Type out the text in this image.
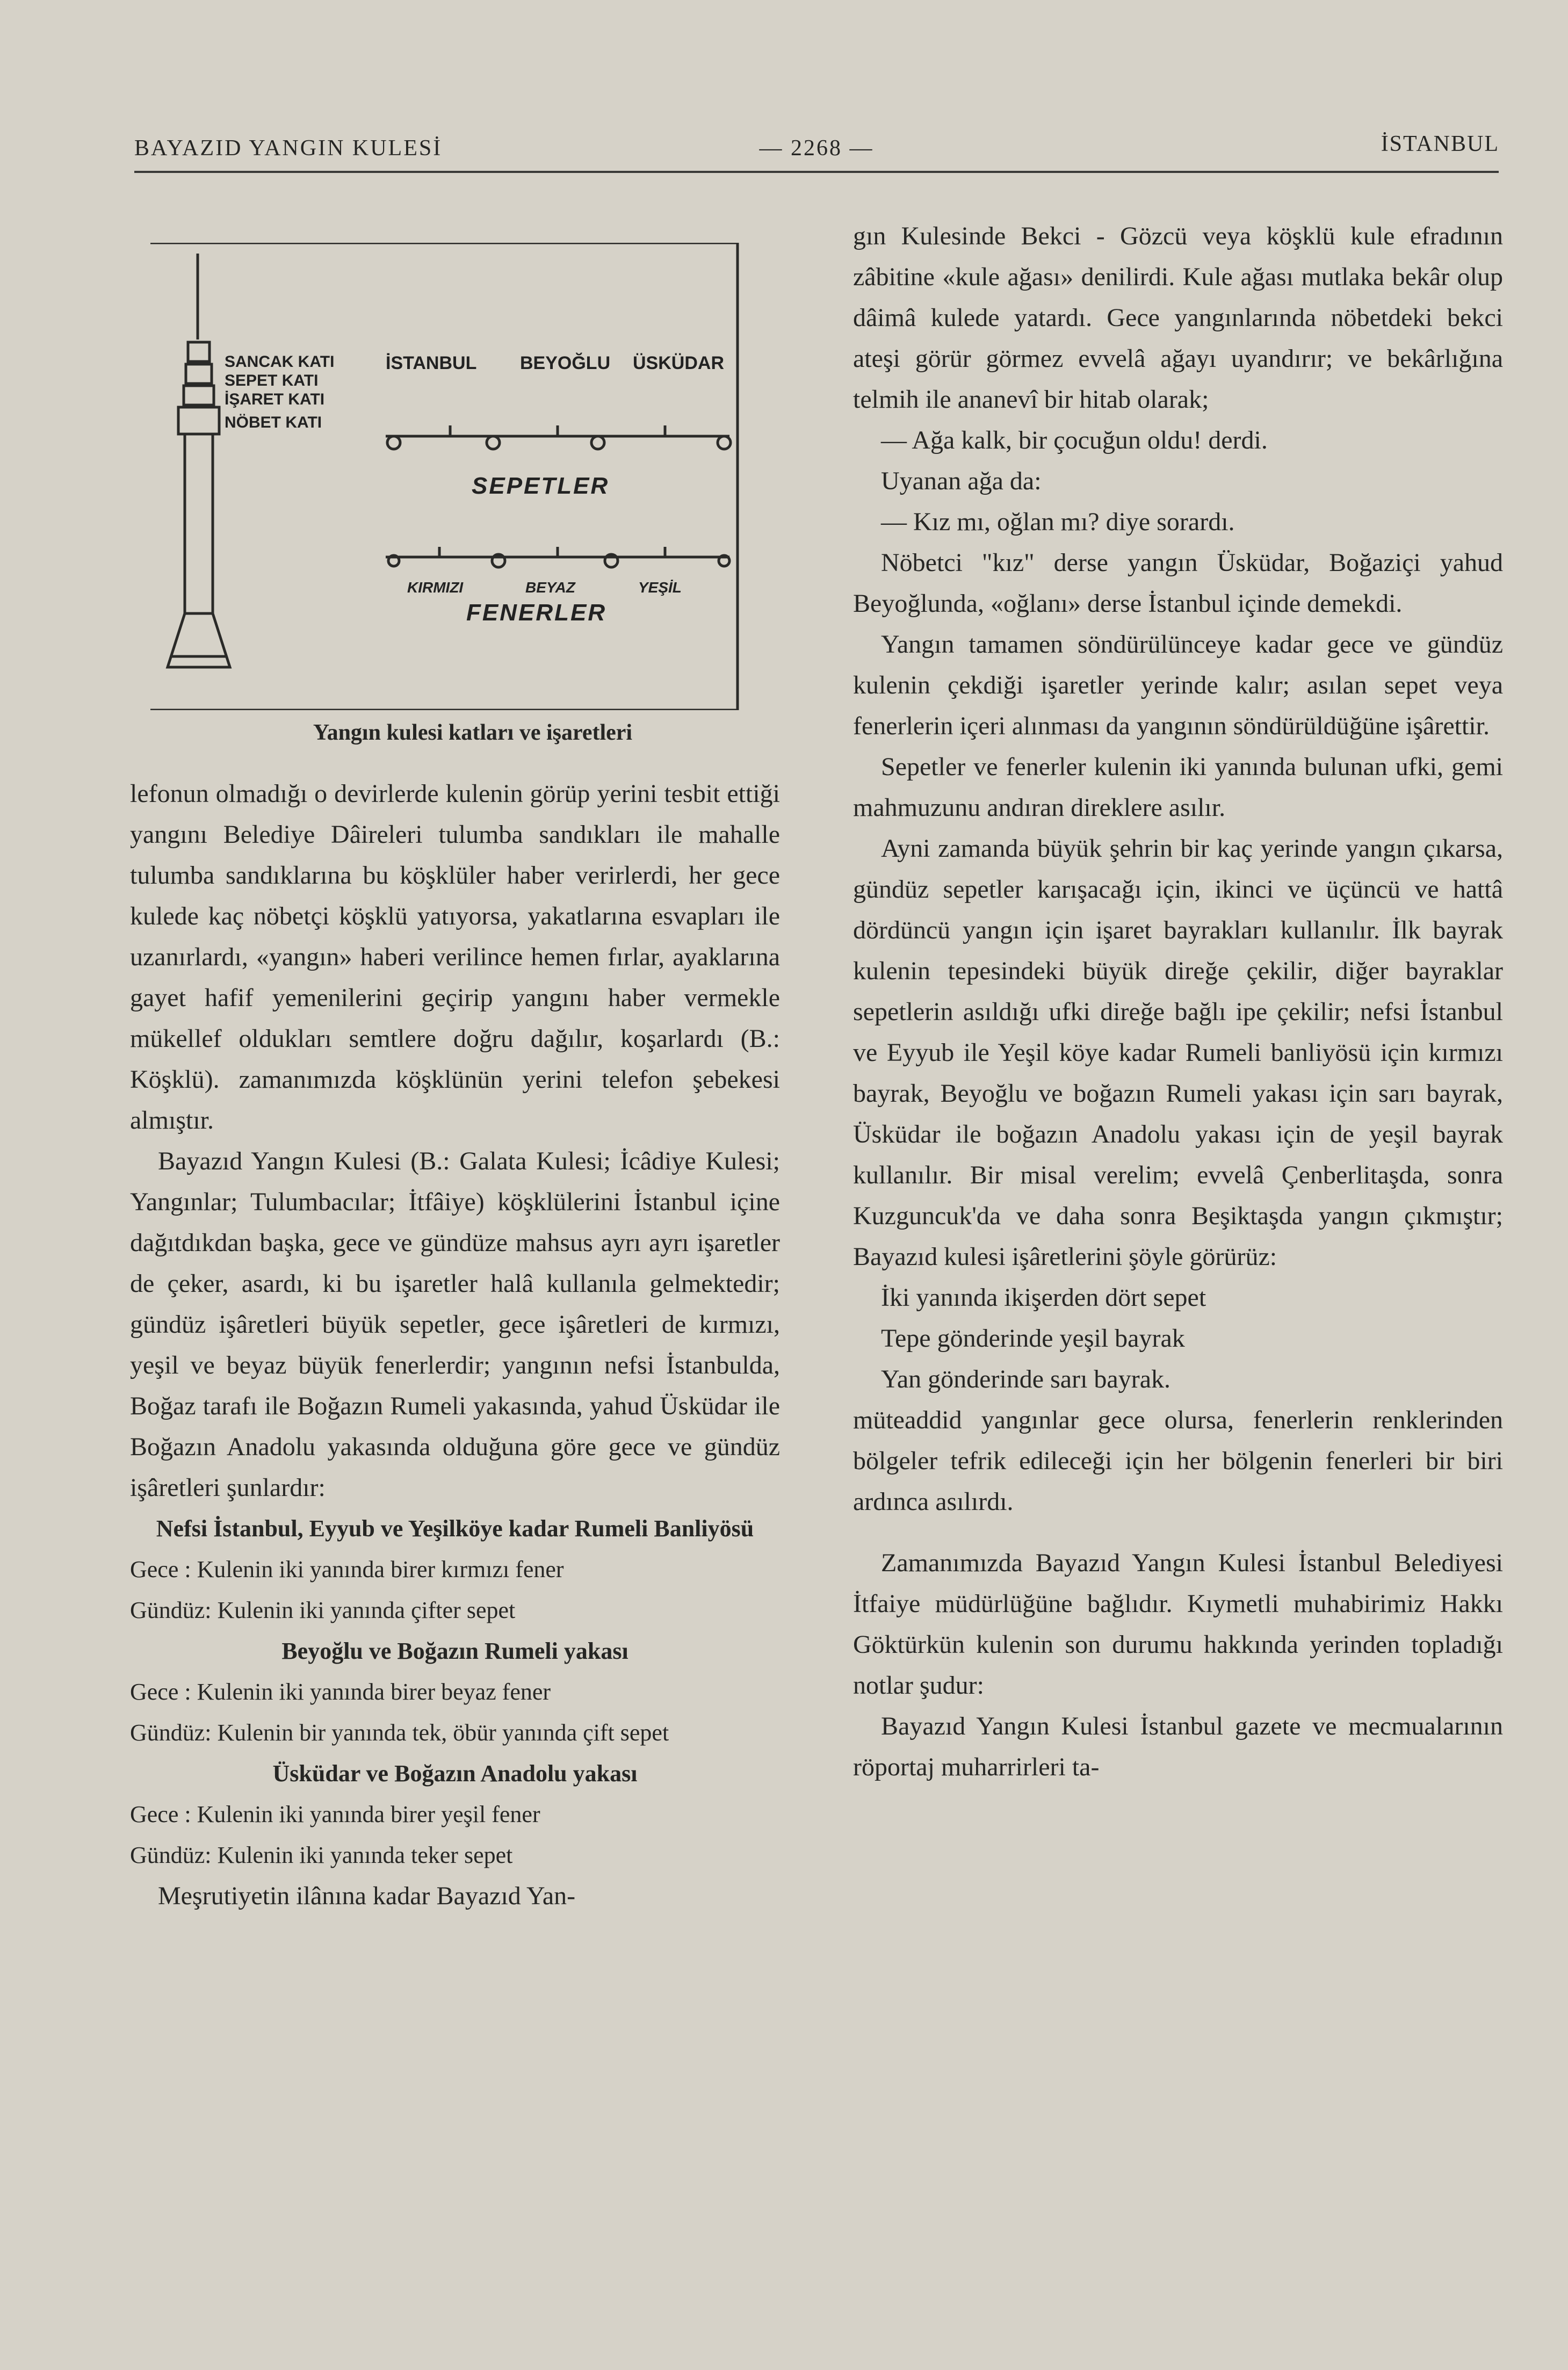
BAYAZID YANGIN KULESİ	— 2268 —	İSTANBUL
SANCAK KATI
SEPET KATI
İŞARET KATI
NÖBET KATI
İSTANBUL BEYOĞLU ÜSKÜDAR
SEPETLER
KIRMIZI	BEYAZ	YEŞİL
FENERLER
Yangın kulesi katları ve işaretleri

lefonun olmadığı o devirlerde kulenin görüp yerini tesbit ettiği yangını Belediye Dâireleri tulumba sandıkları ile mahalle tulumba sandıklarına bu köşklüler haber verirlerdi, her gece kulede kaç nöbetçi köşklü yatıyorsa, yakatlarına esvapları ile uzanırlardı, «yangın» haberi verilince hemen fırlar, ayaklarına gayet hafif yemenilerini geçirip yangını haber vermekle mükellef oldukları semtlere doğru dağılır, koşarlardı (B.: Köşklü). zamanımızda köşklünün yerini telefon şebekesi almıştır.

Bayazıd Yangın Kulesi (B.: Galata Kulesi; İcâdiye Kulesi; Yangınlar; Tulumbacılar; İtfâiye) köşklülerini İstanbul içine dağıtdıkdan başka, gece ve gündüze mahsus ayrı ayrı işaretler de çeker, asardı, ki bu işaretler halâ kullanıla gelmektedir; gündüz işâretleri büyük sepetler, gece işâretleri de kırmızı, yeşil ve beyaz büyük fenerlerdir; yangının nefsi İstanbulda, Boğaz tarafı ile Boğazın Rumeli yakasında, yahud Üsküdar ile Boğazın Anadolu yakasında olduğuna göre gece ve gündüz işâretleri şunlardır:

Nefsi İstanbul, Eyyub ve Yeşilköye kadar Rumeli Banliyösü

Gece : Kulenin iki yanında birer kırmızı fener

Gündüz: Kulenin iki yanında çifter sepet

Beyoğlu ve Boğazın Rumeli yakası

Gece : Kulenin iki yanında birer beyaz fener

Gündüz: Kulenin bir yanında tek, öbür yanında çift sepet

Üsküdar ve Boğazın Anadolu yakası

Gece : Kulenin iki yanında birer yeşil fener

Gündüz: Kulenin iki yanında teker sepet

Meşrutiyetin ilânına kadar Bayazıd Yan-

gın Kulesinde Bekci - Gözcü veya köşklü kule efradının zâbitine «kule ağası» denilirdi. Kule ağası mutlaka bekâr olup dâimâ kulede yatardı. Gece yangınlarında nöbetdeki bekci ateşi görür görmez evvelâ ağayı uyandırır; ve bekârlığına telmih ile ananevî bir hitab olarak;

— Ağa kalk, bir çocuğun oldu! derdi.

Uyanan ağa da:

— Kız mı, oğlan mı? diye sorardı.

Nöbetci "kız" derse yangın Üsküdar, Boğaziçi yahud Beyoğlunda, «oğlanı» derse İstanbul içinde demekdi.

Yangın tamamen söndürülünceye kadar gece ve gündüz kulenin çekdiği işaretler yerinde kalır; asılan sepet veya fenerlerin içeri alınması da yangının söndürüldüğüne işârettir.

Sepetler ve fenerler kulenin iki yanında bulunan ufki, gemi mahmuzunu andıran direklere asılır.

Ayni zamanda büyük şehrin bir kaç yerinde yangın çıkarsa, gündüz sepetler karışacağı için, ikinci ve üçüncü ve hattâ dördüncü yangın için işaret bayrakları kullanılır. İlk bayrak kulenin tepesindeki büyük direğe çekilir, diğer bayraklar sepetlerin asıldığı ufki direğe bağlı ipe çekilir; nefsi İstanbul ve Eyyub ile Yeşil köye kadar Rumeli banliyösü için kırmızı bayrak, Beyoğlu ve boğazın Rumeli yakası için sarı bayrak, Üsküdar ile boğazın Anadolu yakası için de yeşil bayrak kullanılır. Bir misal verelim; evvelâ Çenberlitaşda, sonra Kuzguncuk'da ve daha sonra Beşiktaşda yangın çıkmıştır; Bayazıd kulesi işâretlerini şöyle görürüz:

İki yanında ikişerden dört sepet

Tepe gönderinde yeşil bayrak

Yan gönderinde sarı bayrak.

müteaddid yangınlar gece olursa, fenerlerin renklerinden bölgeler tefrik edileceği için her bölgenin fenerleri bir biri ardınca asılırdı.

Zamanımızda Bayazıd Yangın Kulesi İstanbul Belediyesi İtfaiye müdürlüğüne bağlıdır. Kıymetli muhabirimiz Hakkı Göktürkün kulenin son durumu hakkında yerinden topladığı notlar şudur:

Bayazıd Yangın Kulesi İstanbul gazete ve mecmualarının röportaj muharrirleri ta-
